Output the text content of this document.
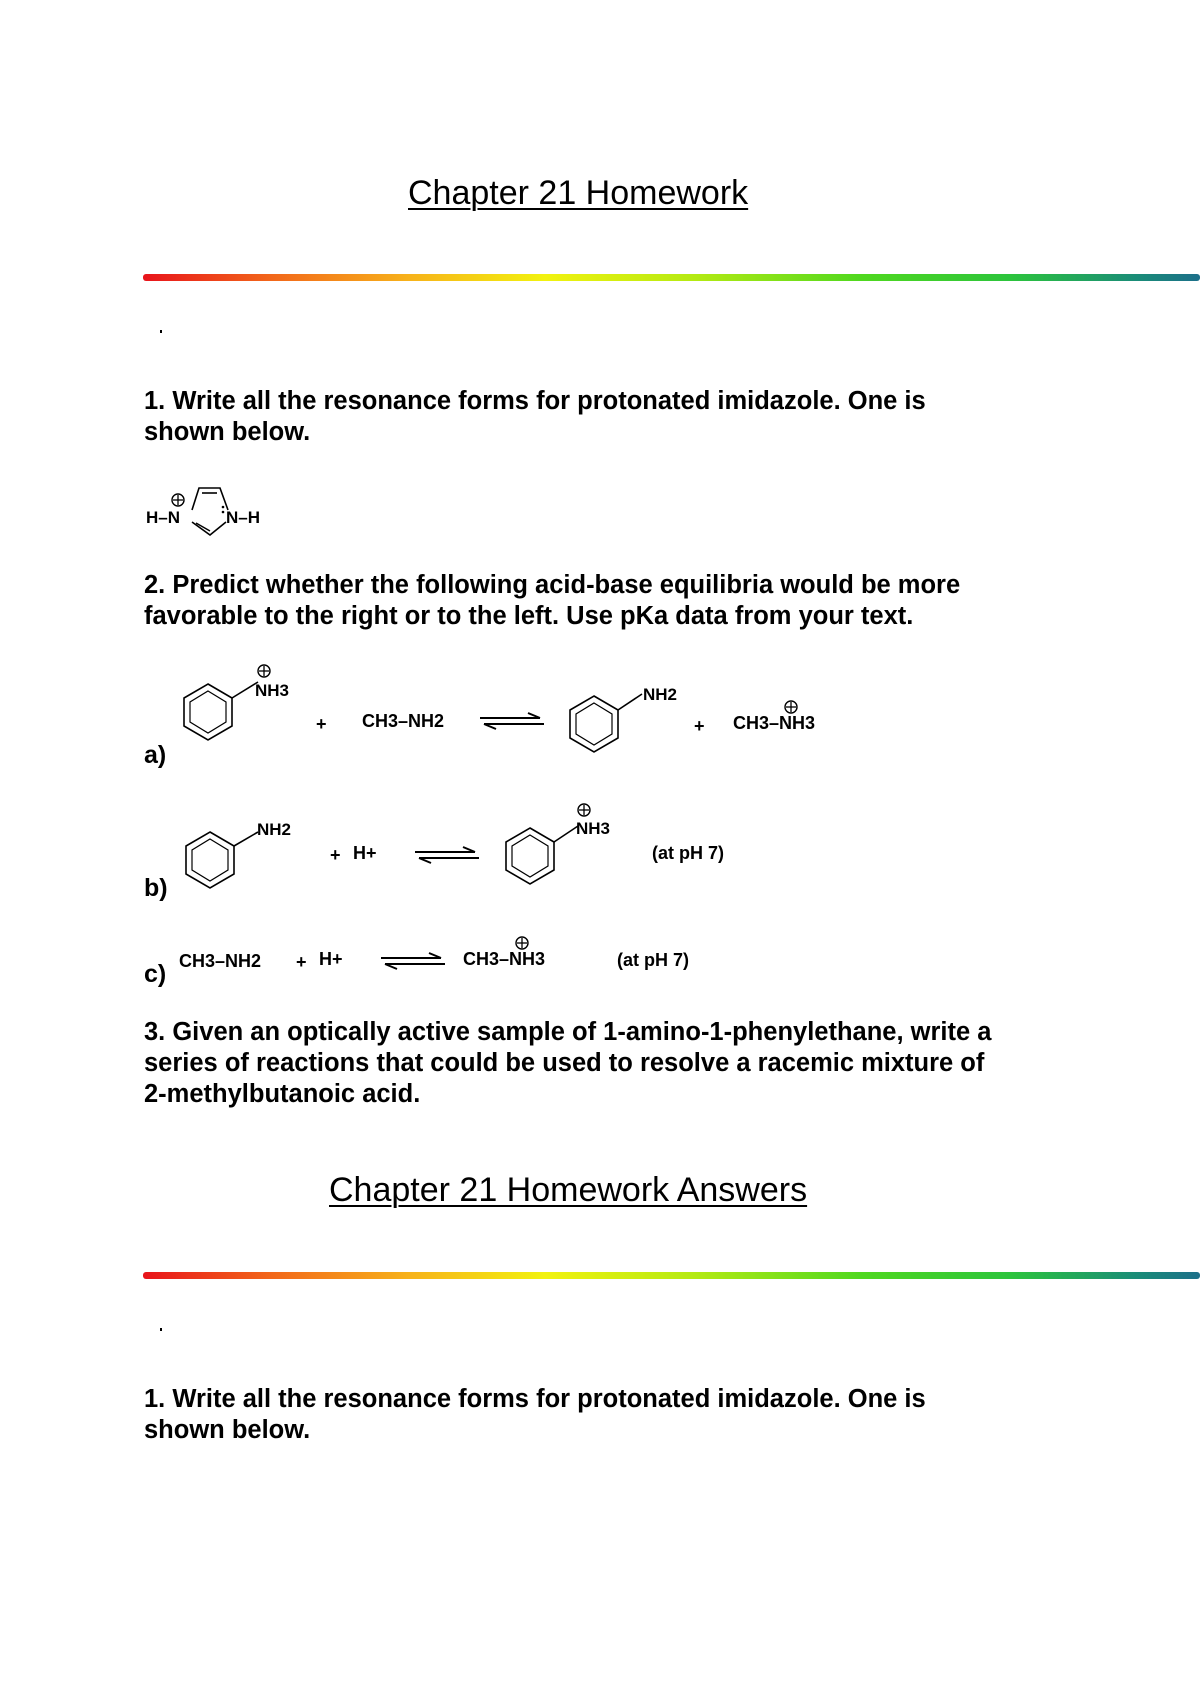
Chapter 21 Homework
1. Write all the resonance forms for protonated imidazole. One is
shown below.
H–N	N–H
2. Predict whether the following acid-base equilibria would be more
favorable to the right or to the left. Use pKa data from your text.
a)
NH3
+ CH3–NH2
NH2
+ CH3–NH3
b)
NH2
+ H+
NH3
(at pH 7)
c) CH3–NH2 + H+	CH3–NH3	(at pH 7)
3. Given an optically active sample of 1-amino-1-phenylethane, write a
series of reactions that could be used to resolve a racemic mixture of
2-methylbutanoic acid.
Chapter 21 Homework Answers
1. Write all the resonance forms for protonated imidazole. One is
shown below.
